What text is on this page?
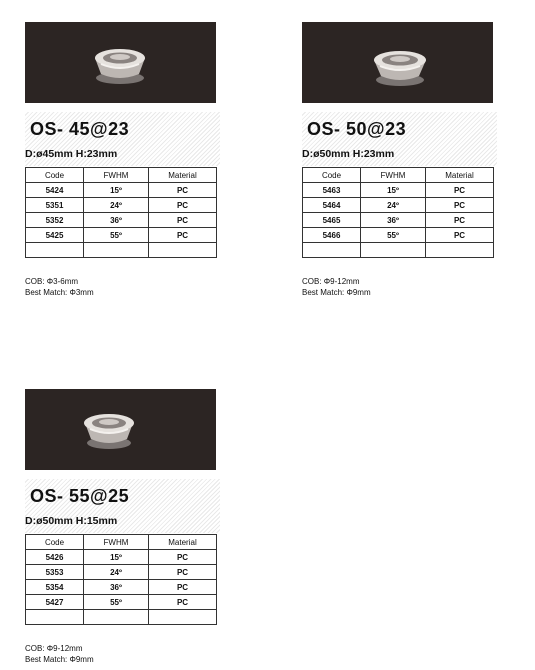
OS- 45@23
D:ø45mm H:23mm
Code	FWHM	Material
5424	15º	PC
5351	24º	PC
5352	36º	PC
5425	55º	PC

COB: Φ3-6mm
Best Match: Φ3mm
OS- 50@23
D:ø50mm H:23mm
Code	FWHM	Material
5463	15º	PC
5464	24º	PC
5465	36º	PC
5466	55º	PC

COB: Φ9-12mm
Best Match: Φ9mm
OS- 55@25
D:ø50mm H:15mm
Code	FWHM	Material
5426	15º	PC
5353	24º	PC
5354	36º	PC
5427	55º	PC

COB: Φ9-12mm
Best Match: Φ9mm
